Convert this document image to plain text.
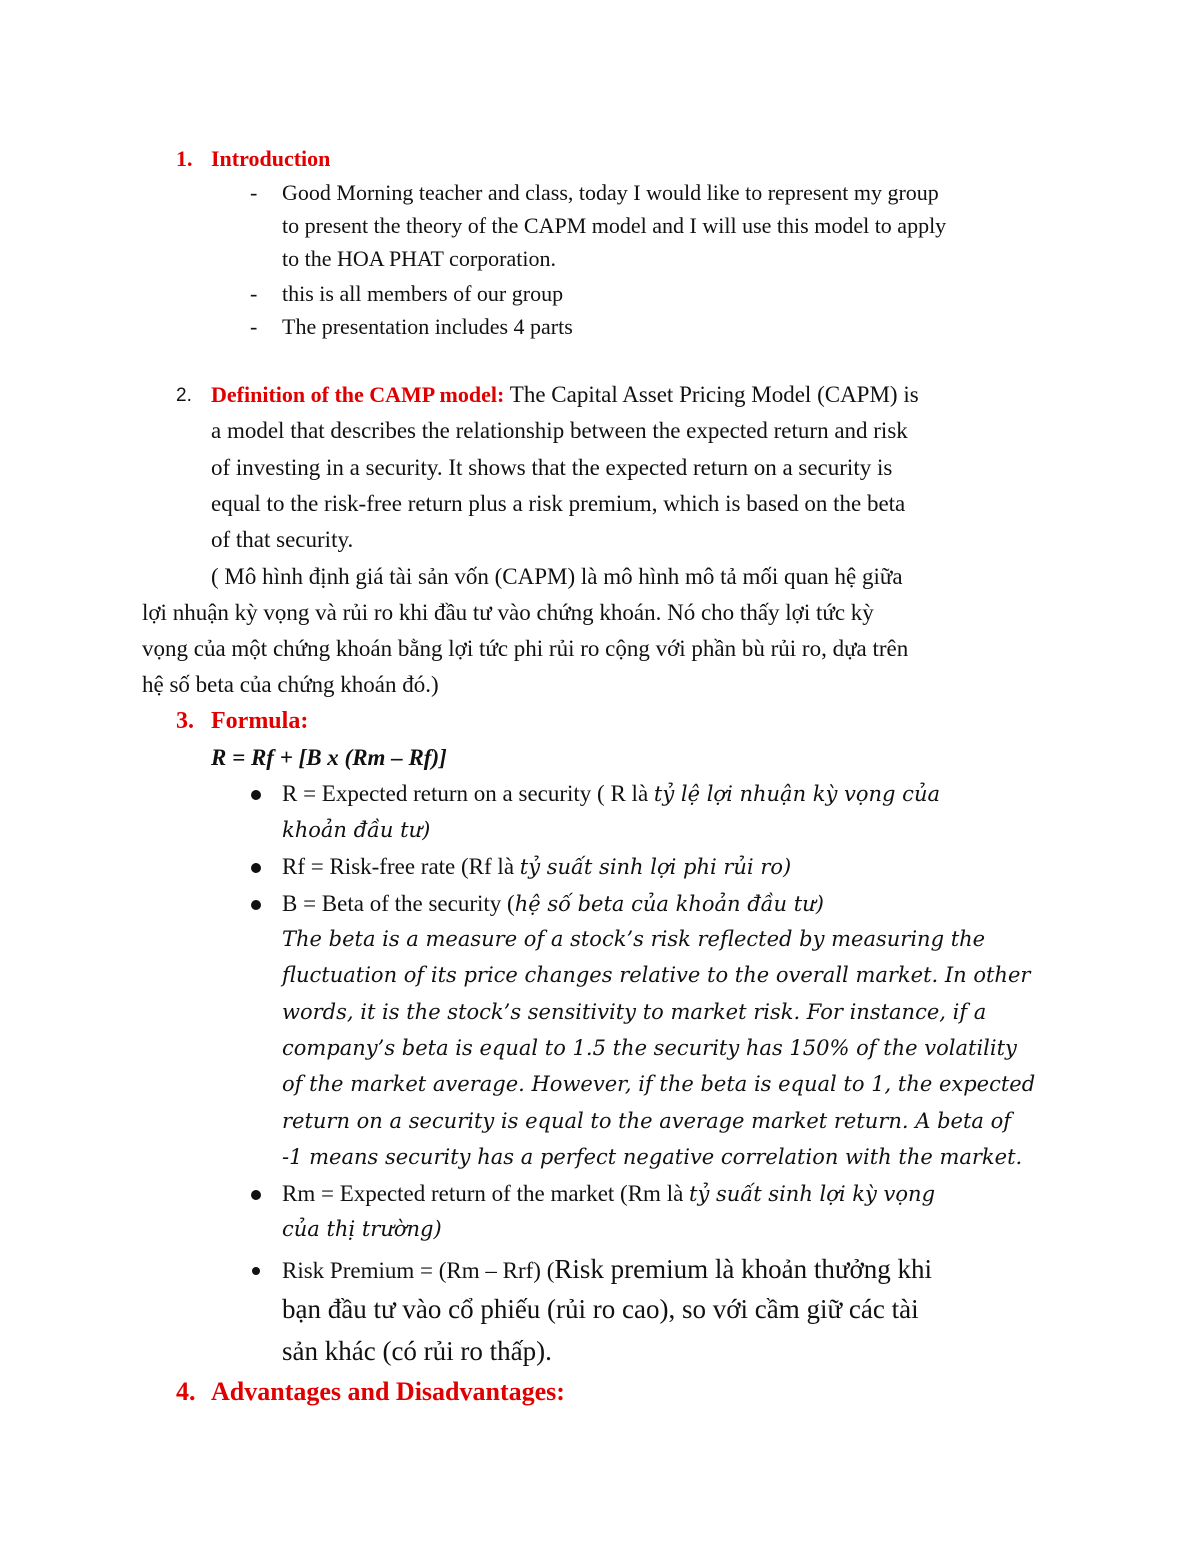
1. Introduction
- Good Morning teacher and class, today I would like to represent my group
to present the theory of the CAPM model and I will use this model to apply
to the HOA PHAT corporation.
- this is all members of our group
- The presentation includes 4 parts
2. Definition of the CAMP model: The Capital Asset Pricing Model (CAPM) is
a model that describes the relationship between the expected return and risk
of investing in a security. It shows that the expected return on a security is
equal to the risk-free return plus a risk premium, which is based on the beta
of that security.
( Mô hình định giá tài sản vốn (CAPM) là mô hình mô tả mối quan hệ giữa
lợi nhuận kỳ vọng và rủi ro khi đầu tư vào chứng khoán. Nó cho thấy lợi tức kỳ
vọng của một chứng khoán bằng lợi tức phi rủi ro cộng với phần bù rủi ro, dựa trên
hệ số beta của chứng khoán đó.)
3. Formula:
R = Rf + [B x (Rm – Rf)]
R = Expected return on a security ( R là tỷ lệ lợi nhuận kỳ vọng của
khoản đầu tư)
Rf = Risk-free rate (Rf là tỷ suất sinh lợi phi rủi ro)
B = Beta of the security (hệ số beta của khoản đầu tư)
The beta is a measure of a stock’s risk reflected by measuring the
fluctuation of its price changes relative to the overall market. In other
words, it is the stock’s sensitivity to market risk. For instance, if a
company’s beta is equal to 1.5 the security has 150% of the volatility
of the market average. However, if the beta is equal to 1, the expected
return on a security is equal to the average market return. A beta of
-1 means security has a perfect negative correlation with the market.
Rm = Expected return of the market (Rm là tỷ suất sinh lợi kỳ vọng
của thị trường)
Risk Premium = (Rm – Rrf) (Risk premium là khoản thưởng khi
bạn đầu tư vào cổ phiếu (rủi ro cao), so với cầm giữ các tài
sản khác (có rủi ro thấp).
4. Advantages and Disadvantages:
